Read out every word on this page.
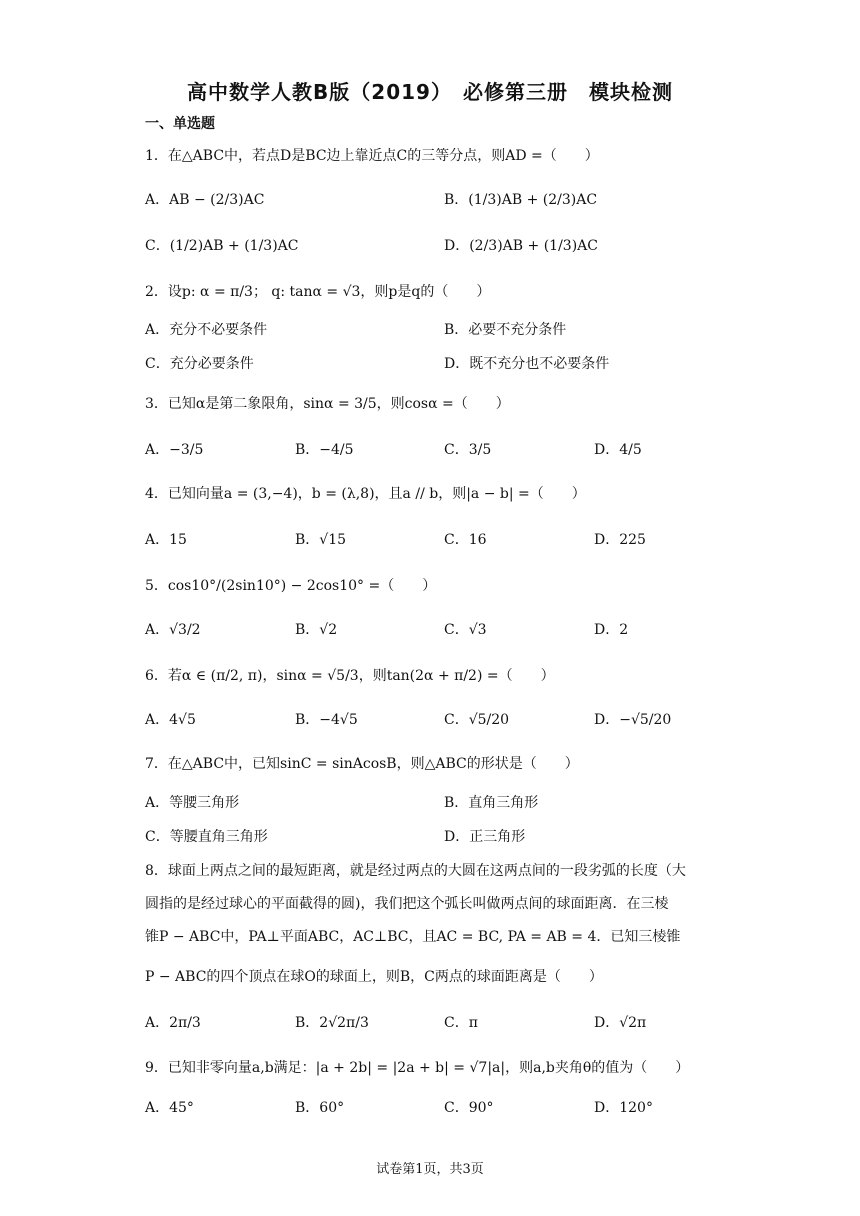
高中数学人教B版（2019）　必修第三册　模块检测
一、单选题
1．在△ABC中，若点D是BC边上靠近点C的三等分点，则AD =（　　）
A．AB − (2/3)AC	B．(1/3)AB + (2/3)AC
C．(1/2)AB + (1/3)AC	D．(2/3)AB + (1/3)AC
2．设p: α = π/3； q: tanα = √3，则p是q的（　　）
A．充分不必要条件	B．必要不充分条件
C．充分必要条件	D．既不充分也不必要条件
3．已知α是第二象限角，sinα = 3/5，则cosα =（　　）
A．−3/5	B．−4/5	C．3/5	D．4/5
4．已知向量a = (3,−4)，b = (λ,8)，且a // b，则|a − b| =（　　）
A．15	B．√15	C．16	D．225
5．cos10°/(2sin10°) − 2cos10° =（　　）
A．√3/2	B．√2	C．√3	D．2
6．若α ∈ (π/2, π)，sinα = √5/3，则tan(2α + π/2) =（　　）
A．4√5	B．−4√5	C．√5/20	D．−√5/20
7．在△ABC中，已知sinC = sinAcosB，则△ABC的形状是（　　）
A．等腰三角形	B．直角三角形
C．等腰直角三角形	D．正三角形
8．球面上两点之间的最短距离，就是经过两点的大圆在这两点间的一段劣弧的长度（大
圆指的是经过球心的平面截得的圆)，我们把这个弧长叫做两点间的球面距离．在三棱
锥P − ABC中，PA⊥平面ABC，AC⊥BC，且AC = BC, PA = AB = 4．已知三棱锥
P − ABC的四个顶点在球O的球面上，则B，C两点的球面距离是（　　）
A．2π/3	B．2√2π/3	C．π	D．√2π
9．已知非零向量a,b满足：|a + 2b| = |2a + b| = √7|a|，则a,b夹角θ的值为（　　）
A．45°	B．60°	C．90°	D．120°
试卷第1页，共3页
